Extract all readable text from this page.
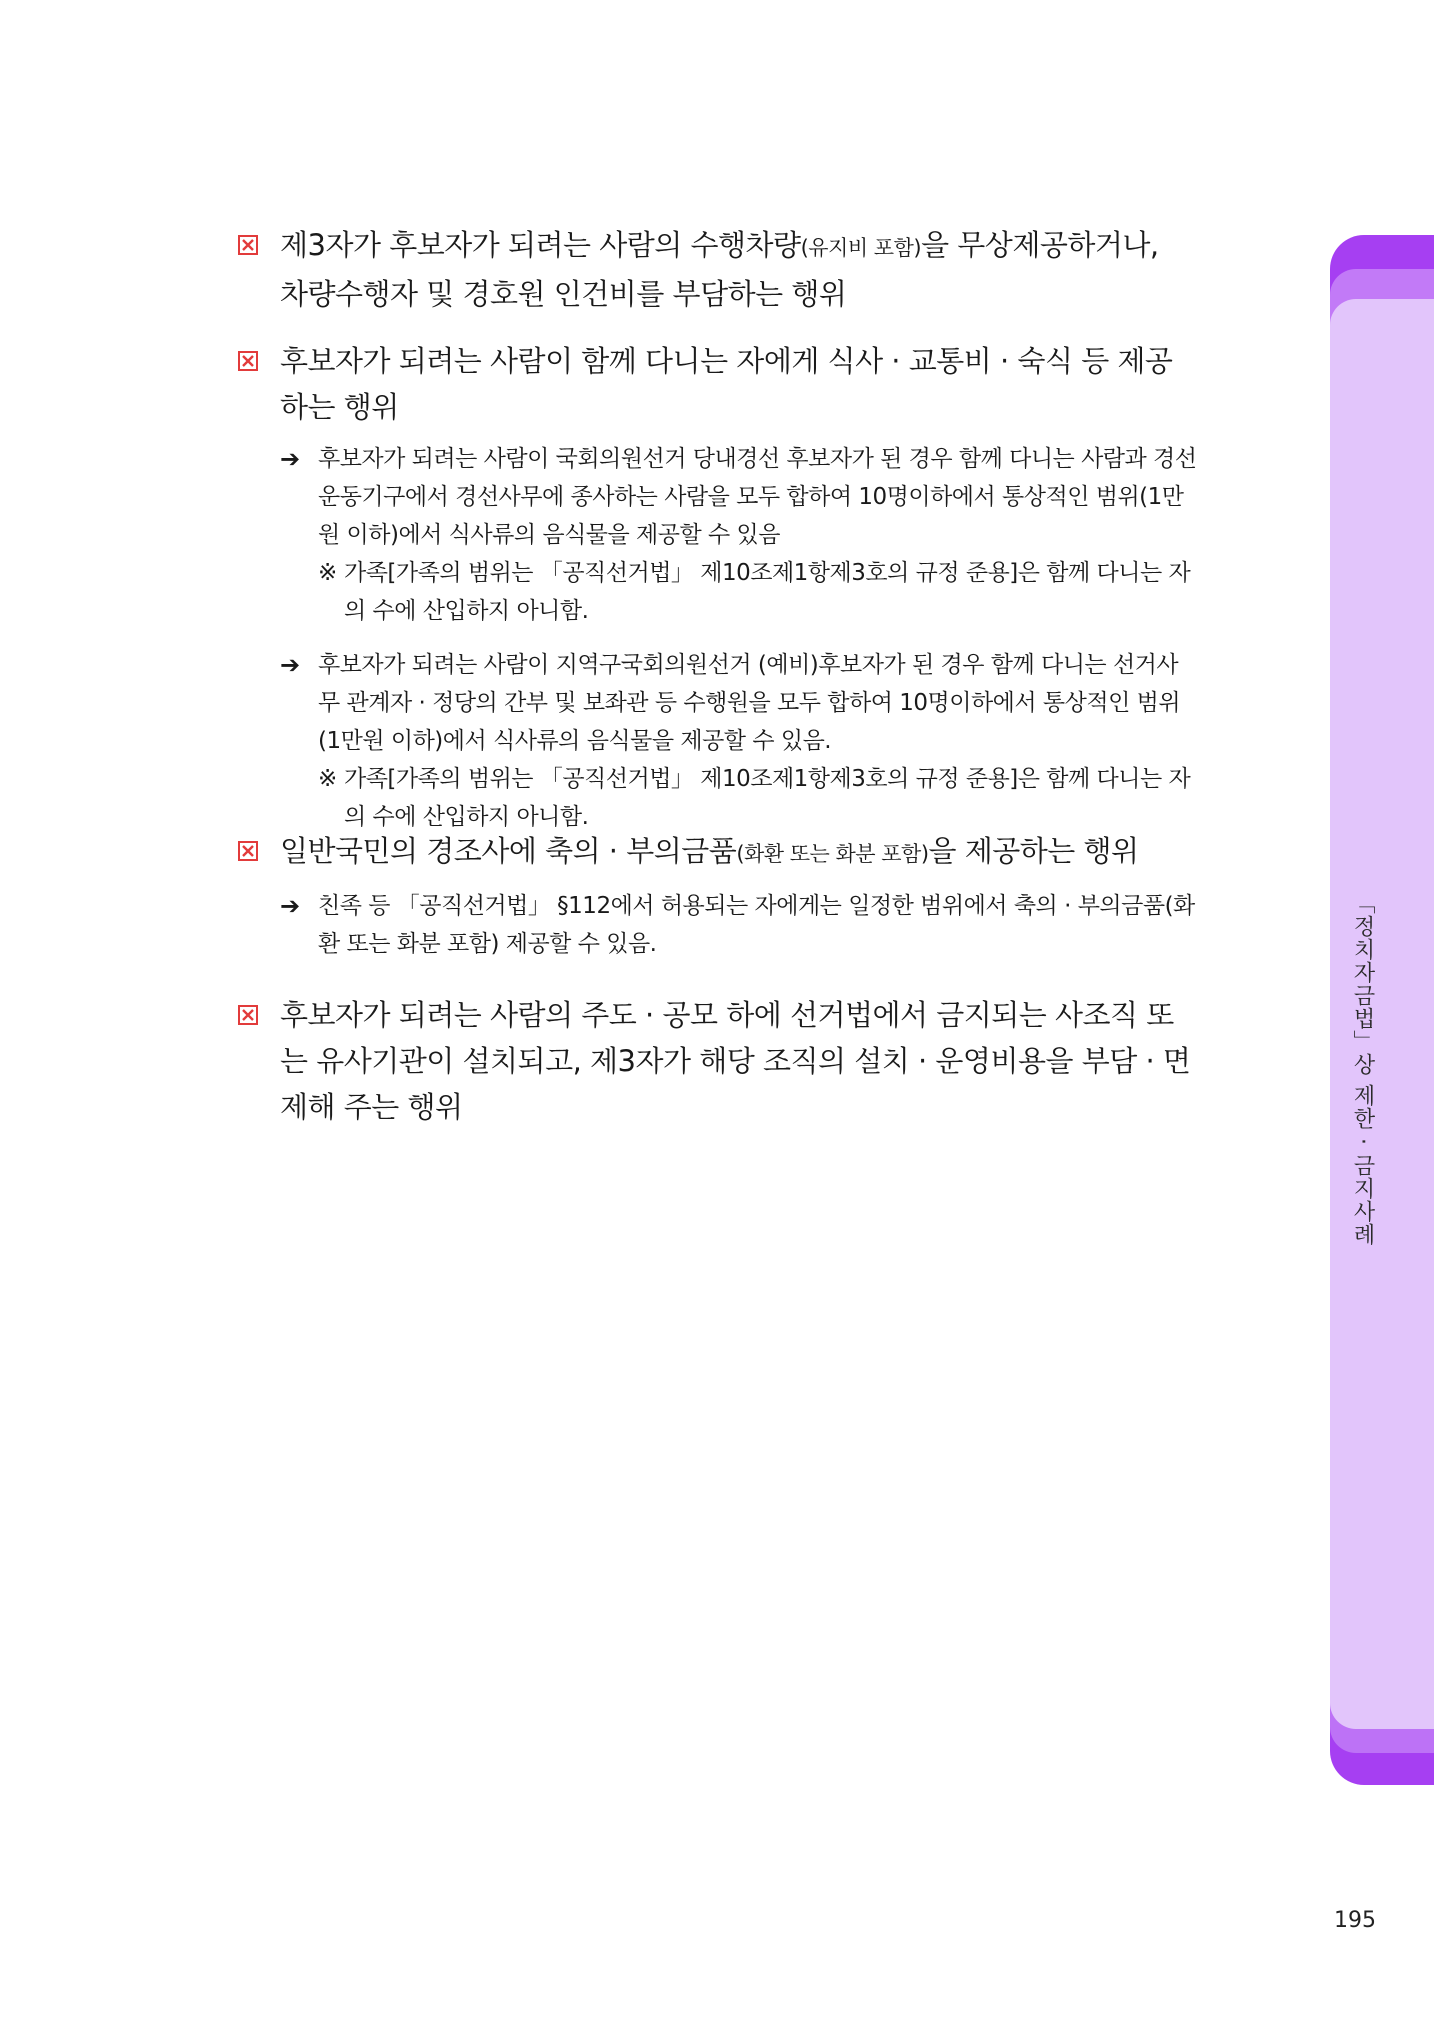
제3자가 후보자가 되려는 사람의 수행차량(유지비 포함)을 무상제공하거나,
차량수행자 및 경호원 인건비를 부담하는 행위
후보자가 되려는 사람이 함께 다니는 자에게 식사 · 교통비 · 숙식 등 제공하는 행위
➔ 후보자가 되려는 사람이 국회의원선거 당내경선 후보자가 된 경우 함께 다니는 사람과 경선운동기구에서 경선사무에 종사하는 사람을 모두 합하여 10명이하에서 통상적인 범위(1만원 이하)에서 식사류의 음식물을 제공할 수 있음
※ 가족[가족의 범위는 「공직선거법」 제10조제1항제3호의 규정 준용]은 함께 다니는 자의 수에 산입하지 아니함.
➔ 후보자가 되려는 사람이 지역구국회의원선거 (예비)후보자가 된 경우 함께 다니는 선거사무 관계자 · 정당의 간부 및 보좌관 등 수행원을 모두 합하여 10명이하에서 통상적인 범위 (1만원 이하)에서 식사류의 음식물을 제공할 수 있음.
※ 가족[가족의 범위는 「공직선거법」 제10조제1항제3호의 규정 준용]은 함께 다니는 자의 수에 산입하지 아니함.
일반국민의 경조사에 축의 · 부의금품(화환 또는 화분 포함)을 제공하는 행위
➔ 친족 등 「공직선거법」 §112에서 허용되는 자에게는 일정한 범위에서 축의 · 부의금품(화환 또는 화분 포함) 제공할 수 있음.
후보자가 되려는 사람의 주도 · 공모 하에 선거법에서 금지되는 사조직 또는 유사기관이 설치되고, 제3자가 해당 조직의 설치 · 운영비용을 부담 · 면제해 주는 행위	「정치자금법」상 제한 · 금지사례
195
